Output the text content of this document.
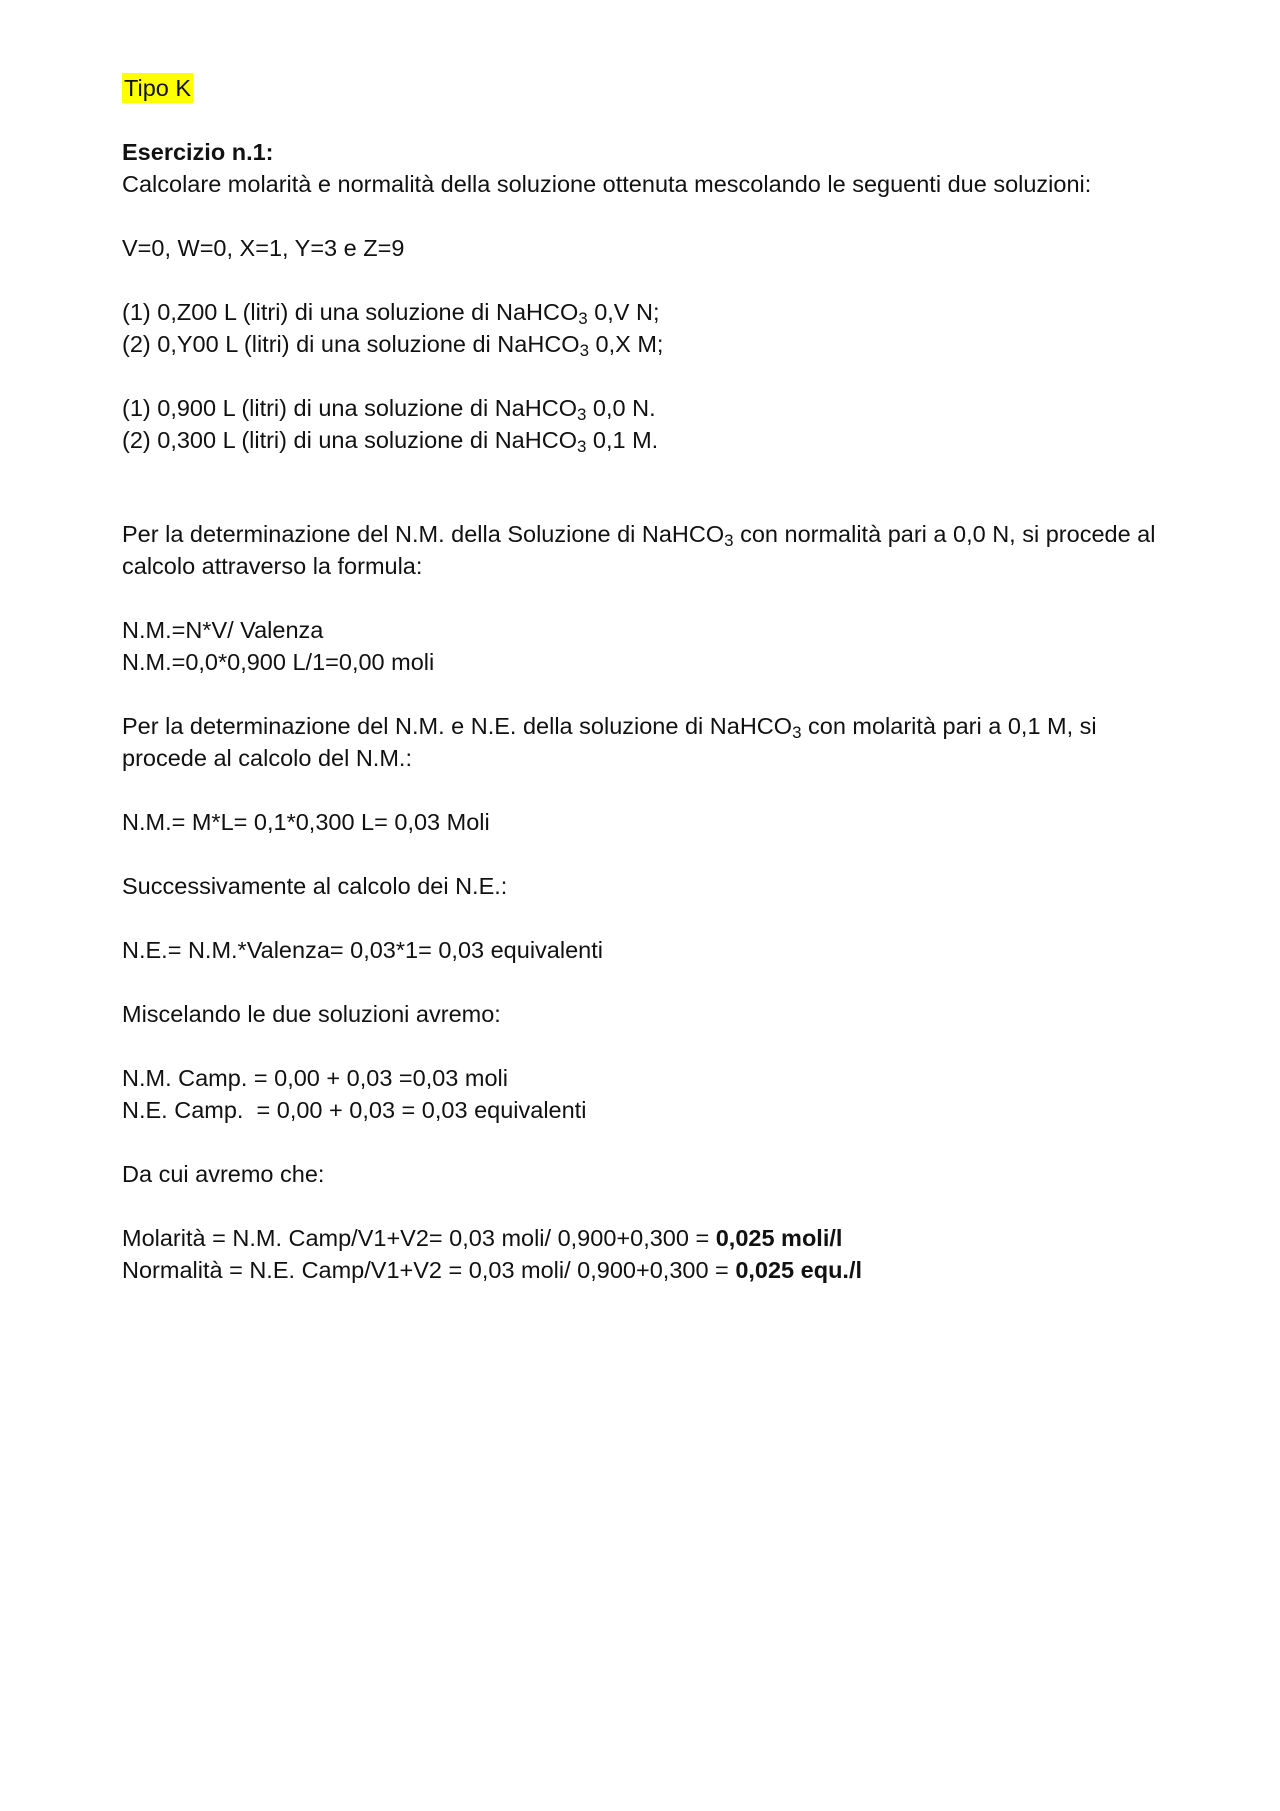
Tipo K

Esercizio n.1:

Calcolare molarità e normalità della soluzione ottenuta mescolando le seguenti due soluzioni:

V=0, W=0, X=1, Y=3 e Z=9

(1) 0,Z00 L (litri) di una soluzione di NaHCO$_3$ 0,V N;

(2) 0,Y00 L (litri) di una soluzione di NaHCO$_3$ 0,X M;

(1) 0,900 L (litri) di una soluzione di NaHCO$_3$ 0,0 N.

(2) 0,300 L (litri) di una soluzione di NaHCO$_3$ 0,1 M.

Per la determinazione del N.M. della Soluzione di NaHCO$_3$ con normalità pari a 0,0 N, si procede al

calcolo attraverso la formula:

N.M.=N*V/ Valenza

N.M.=0,0*0,900 L/1=0,00 moli

Per la determinazione del N.M. e N.E. della soluzione di NaHCO$_3$ con molarità pari a 0,1 M, si

procede al calcolo del N.M.:

N.M.= M*L= 0,1*0,300 L= 0,03 Moli

Successivamente al calcolo dei N.E.:

N.E.= N.M.*Valenza= 0,03*1= 0,03 equivalenti

Miscelando le due soluzioni avremo:

N.M. Camp. = 0,00 + 0,03 =0,03 moli

N.E. Camp.  = 0,00 + 0,03 = 0,03 equivalenti

Da cui avremo che:

Molarità = N.M. Camp/V1+V2= 0,03 moli/ 0,900+0,300 = 0,025 moli/l

Normalità = N.E. Camp/V1+V2 = 0,03 moli/ 0,900+0,300 = 0,025 equ./l
